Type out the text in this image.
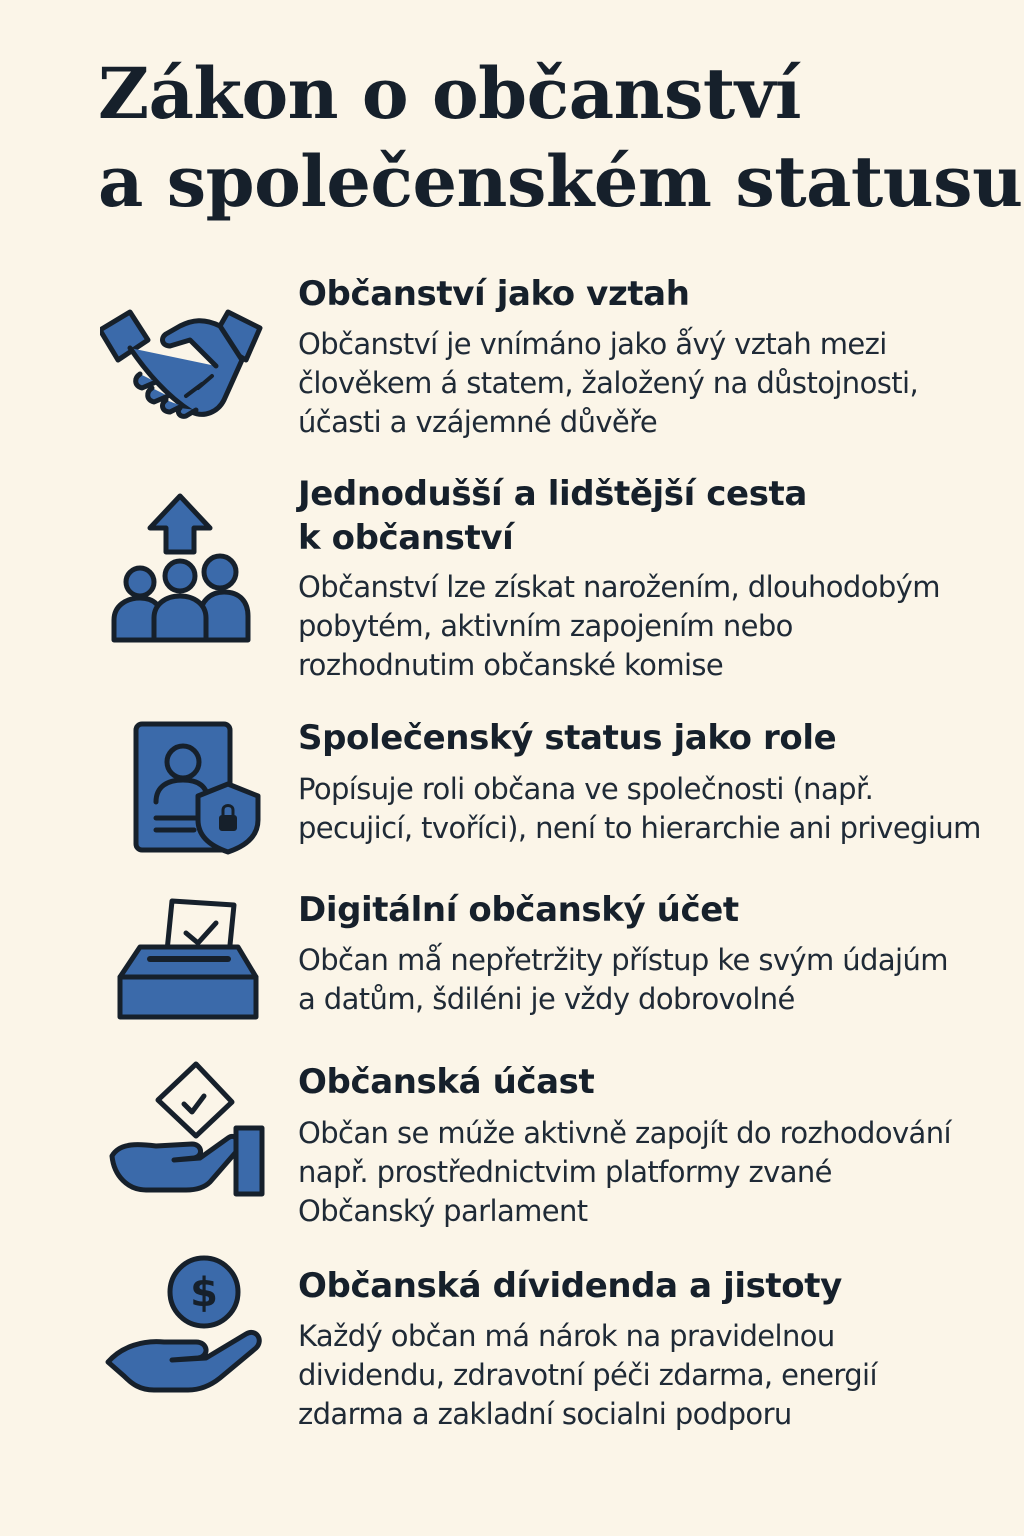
Zákon o občanství
a společenském statusu
Občanství jako vztah

Občanství je vnímáno jako ǻvý vztah mezi
člověkem á statem, žaložený na důstojnosti,
účasti a vzájemné důvěře

Jednodušší a lidštější cesta
k občanství

Občanství lze získat narožením, dlouhodobým
pobytém, aktivním zapojením nebo
rozhodnutim občanské komise

Společenský status jako role

Popísuje roli občana ve společnosti (např.
pecujicí, tvoříci), není to hierarchie ani privegium

Digitální občanský účet

Občan mǻ nepřetržity přístup ke svým údajúm
a datům, šdiléni je vždy dobrovolné

Občanská účast

Občan se múže aktivně zapojít do rozhodování
např. prostřednictvim platformy zvané
Občanský parlament

$ Občanská dívidenda a jistoty

Každý občan má nárok na pravidelnou
dividendu, zdravotní péči zdarma, energií
zdarma a zakladní socialni podporu
